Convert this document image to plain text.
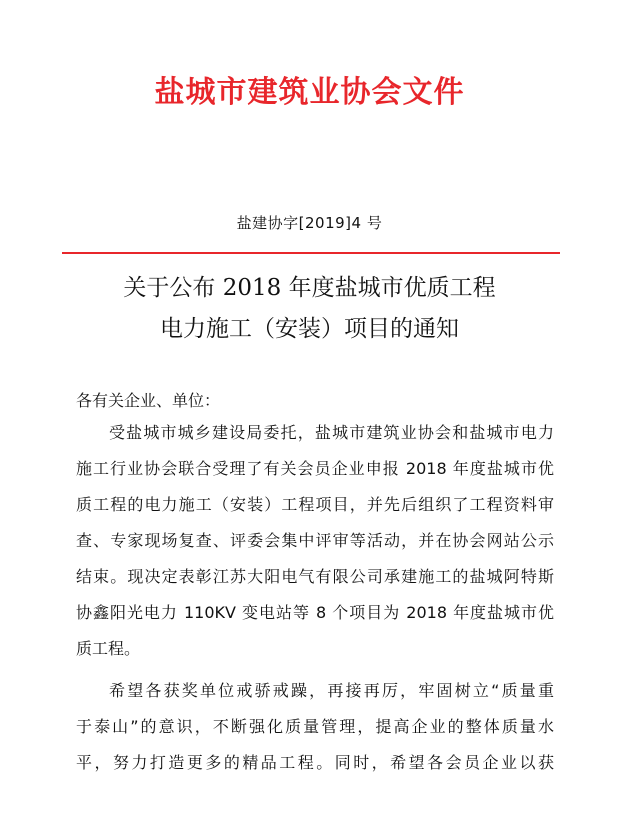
盐城市建筑业协会文件
盐建协字[2019]4 号
关于公布 2018 年度盐城市优质工程
电力施工（安装）项目的通知
各有关企业、单位：
受盐城市城乡建设局委托，盐城市建筑业协会和盐城市电力
施工行业协会联合受理了有关会员企业申报 2018 年度盐城市优
质工程的电力施工（安装）工程项目，并先后组织了工程资料审
查、专家现场复查、评委会集中评审等活动，并在协会网站公示
结束。现决定表彰江苏大阳电气有限公司承建施工的盐城阿特斯
协鑫阳光电力 110KV 变电站等 8 个项目为 2018 年度盐城市优
质工程。
希望各获奖单位戒骄戒躁，再接再厉，牢固树立“质量重
于泰山”的意识，不断强化质量管理，提高企业的整体质量水
平，努力打造更多的精品工程。同时，希望各会员企业以获
